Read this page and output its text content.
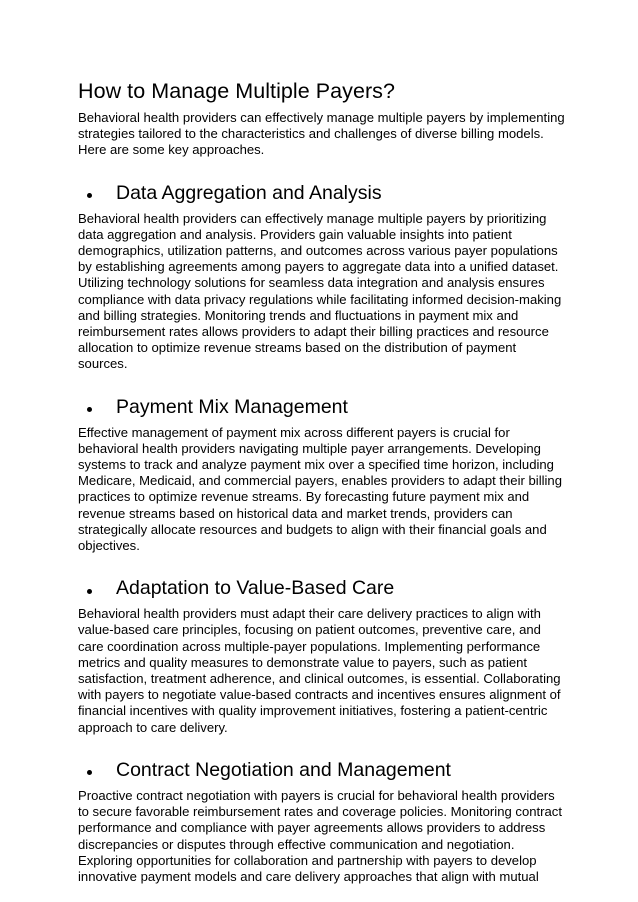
How to Manage Multiple Payers?

Behavioral health providers can effectively manage multiple payers by implementing strategies tailored to the characteristics and challenges of diverse billing models. Here are some key approaches.

Data Aggregation and Analysis

Behavioral health providers can effectively manage multiple payers by prioritizing data aggregation and analysis. Providers gain valuable insights into patient demographics, utilization patterns, and outcomes across various payer populations by establishing agreements among payers to aggregate data into a unified dataset. Utilizing technology solutions for seamless data integration and analysis ensures compliance with data privacy regulations while facilitating informed decision-making and billing strategies. Monitoring trends and fluctuations in payment mix and reimbursement rates allows providers to adapt their billing practices and resource allocation to optimize revenue streams based on the distribution of payment sources.

Payment Mix Management

Effective management of payment mix across different payers is crucial for behavioral health providers navigating multiple payer arrangements. Developing systems to track and analyze payment mix over a specified time horizon, including Medicare, Medicaid, and commercial payers, enables providers to adapt their billing practices to optimize revenue streams. By forecasting future payment mix and revenue streams based on historical data and market trends, providers can strategically allocate resources and budgets to align with their financial goals and objectives.

Adaptation to Value-Based Care

Behavioral health providers must adapt their care delivery practices to align with value-based care principles, focusing on patient outcomes, preventive care, and care coordination across multiple-payer populations. Implementing performance metrics and quality measures to demonstrate value to payers, such as patient satisfaction, treatment adherence, and clinical outcomes, is essential. Collaborating with payers to negotiate value-based contracts and incentives ensures alignment of financial incentives with quality improvement initiatives, fostering a patient-centric approach to care delivery.

Contract Negotiation and Management

Proactive contract negotiation with payers is crucial for behavioral health providers to secure favorable reimbursement rates and coverage policies. Monitoring contract performance and compliance with payer agreements allows providers to address discrepancies or disputes through effective communication and negotiation. Exploring opportunities for collaboration and partnership with payers to develop innovative payment models and care delivery approaches that align with mutual
